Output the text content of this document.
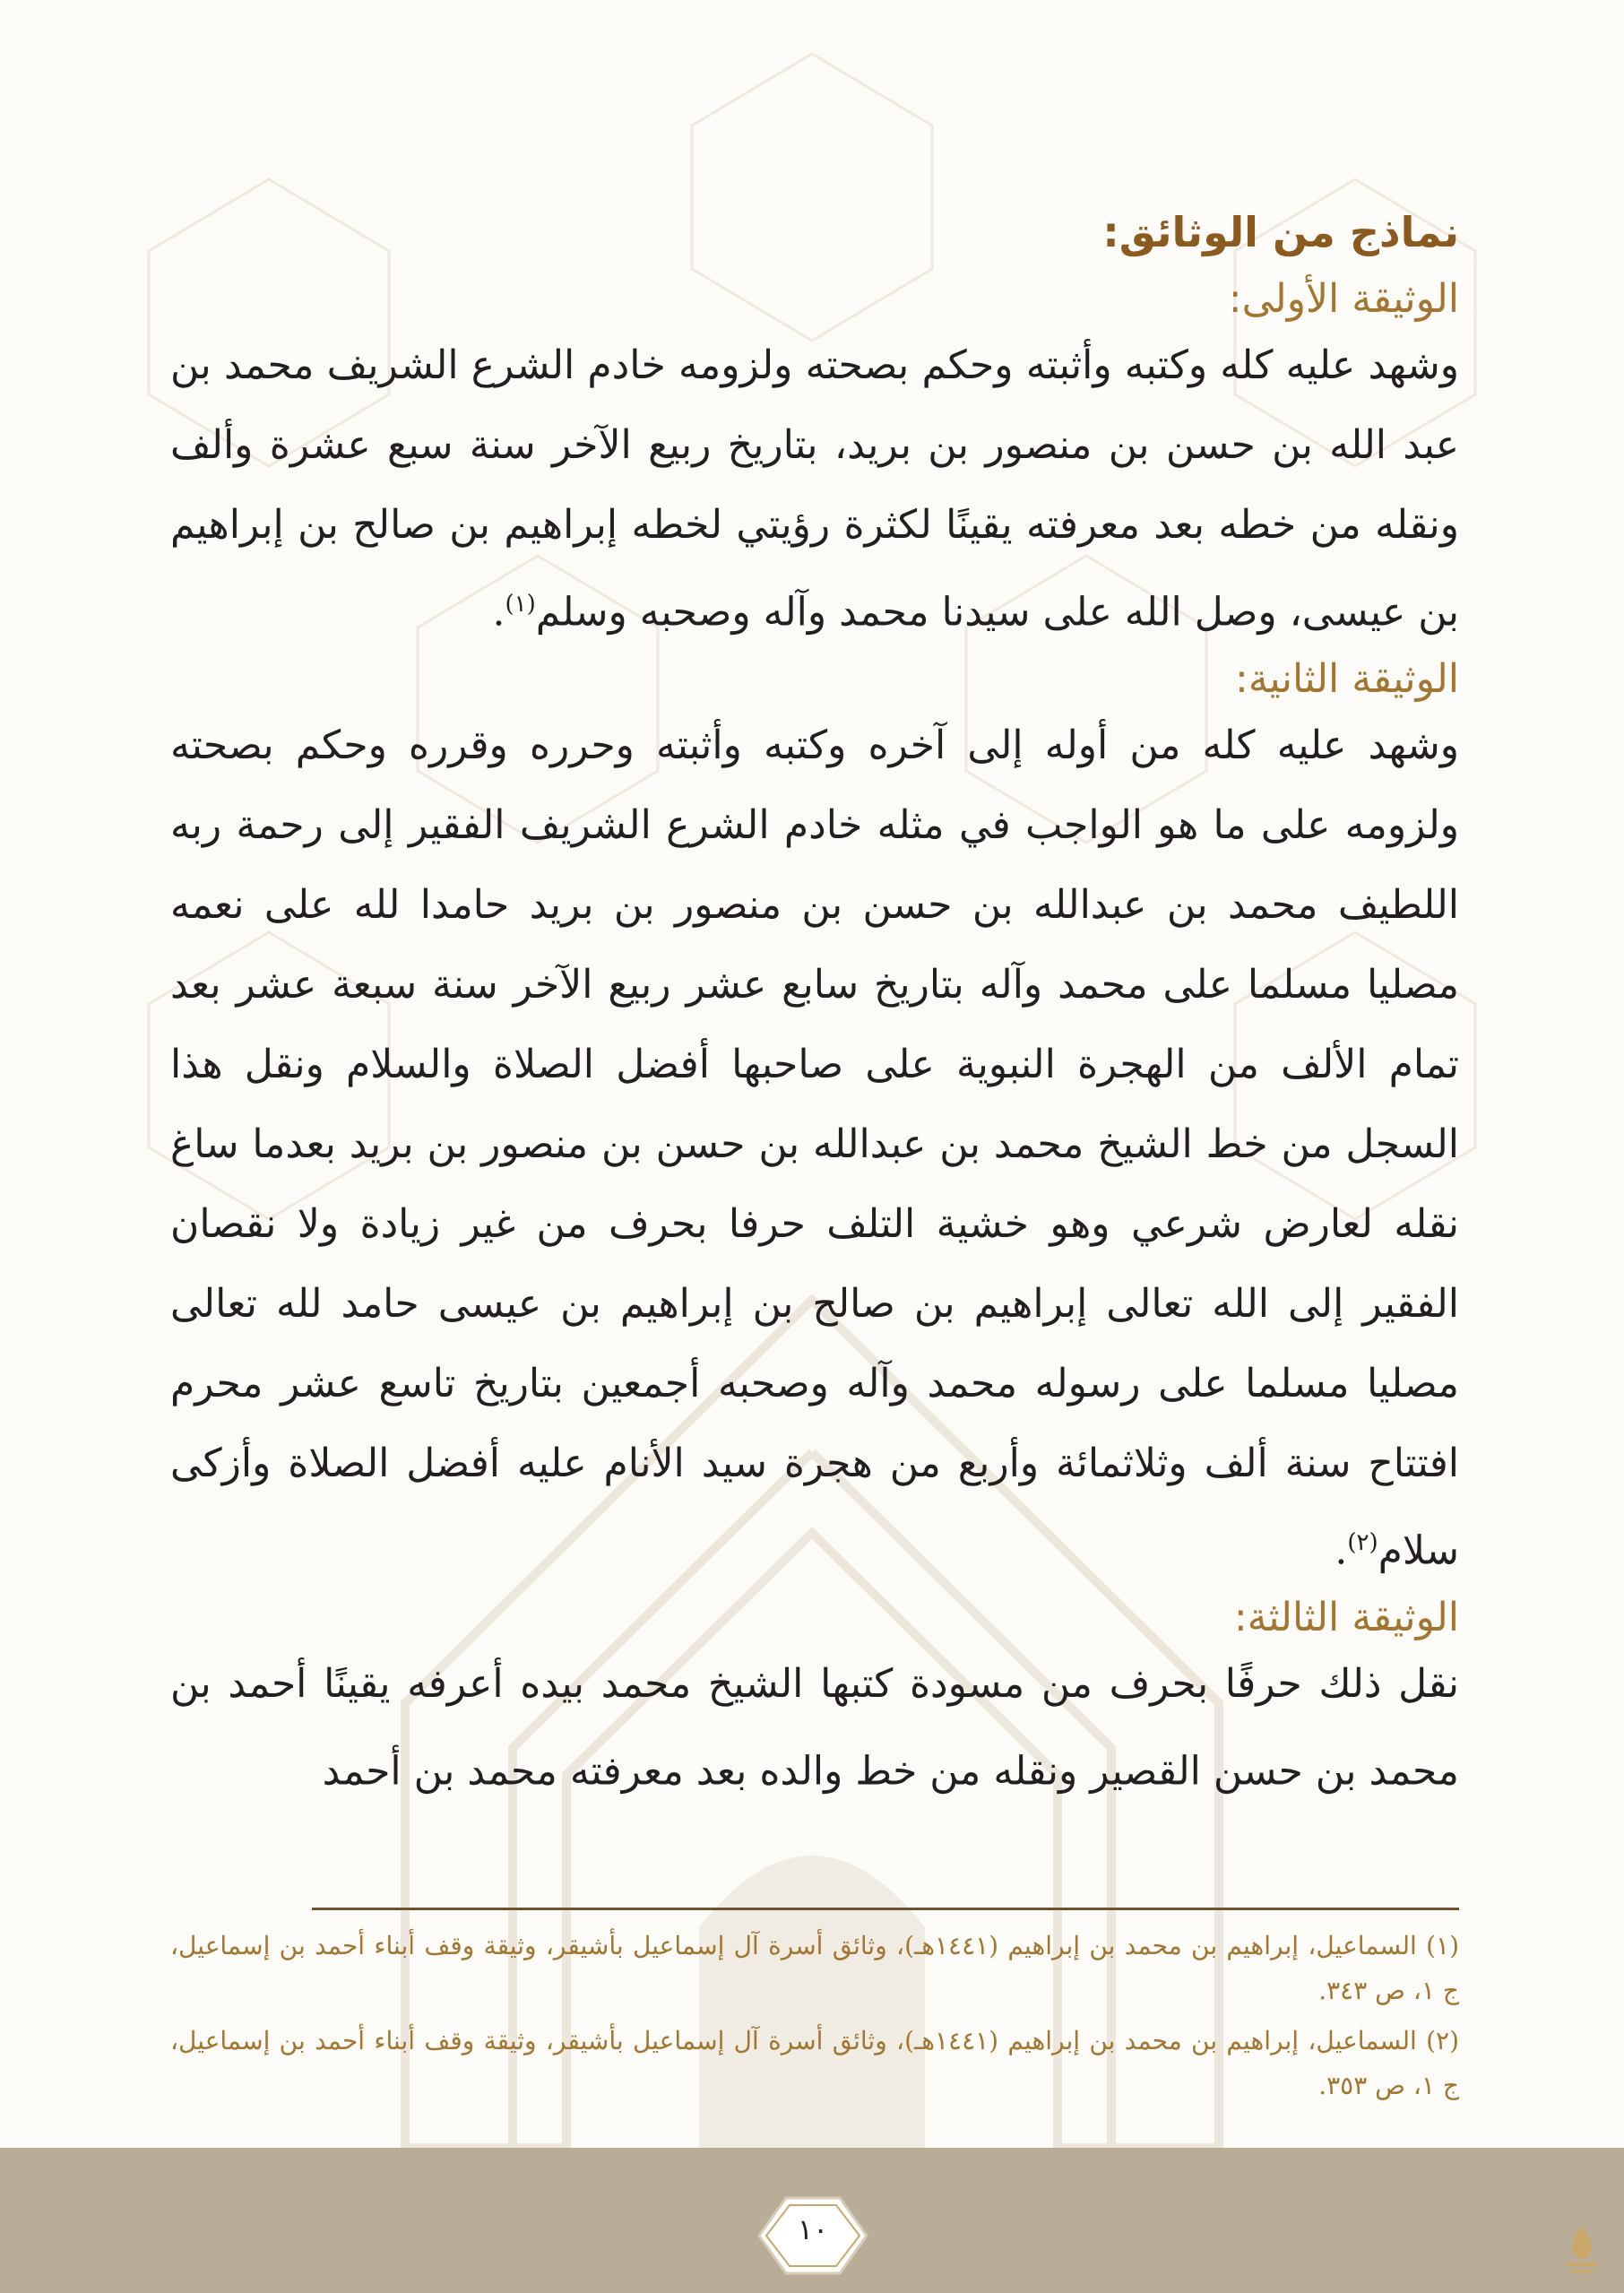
نماذج من الوثائق:
الوثيقة الأولى:

وشهد عليه كله وكتبه وأثبته وحكم بصحته ولزومه خادم الشرع الشريف محمد بن عبد الله بن حسن بن منصور بن بريد، بتاريخ ربيع الآخر سنة سبع عشرة وألف ونقله من خطه بعد معرفته يقينًا لكثرة رؤيتي لخطه إبراهيم بن صالح بن إبراهيم بن عيسى، وصل الله على سيدنا محمد وآله وصحبه وسلم$^{(١)}$.

الوثيقة الثانية:

وشهد عليه كله من أوله إلى آخره وكتبه وأثبته وحرره وقرره وحكم بصحته ولزومه على ما هو الواجب في مثله خادم الشرع الشريف الفقير إلى رحمة ربه اللطيف محمد بن عبدالله بن حسن بن منصور بن بريد حامدا لله على نعمه مصليا مسلما على محمد وآله بتاريخ سابع عشر ربيع الآخر سنة سبعة عشر بعد تمام الألف من الهجرة النبوية على صاحبها أفضل الصلاة والسلام ونقل هذا السجل من خط الشيخ محمد بن عبدالله بن حسن بن منصور بن بريد بعدما ساغ نقله لعارض شرعي وهو خشية التلف حرفا بحرف من غير زيادة ولا نقصان الفقير إلى الله تعالى إبراهيم بن صالح بن إبراهيم بن عيسى حامد لله تعالى مصليا مسلما على رسوله محمد وآله وصحبه أجمعين بتاريخ تاسع عشر محرم افتتاح سنة ألف وثلاثمائة وأربع من هجرة سيد الأنام عليه أفضل الصلاة وأزكى سلام$^{(٢)}$.

الوثيقة الثالثة:

نقل ذلك حرفًا بحرف من مسودة كتبها الشيخ محمد بيده أعرفه يقينًا أحمد بن محمد بن حسن القصير ونقله من خط والده بعد معرفته محمد بن أحمد

(١) السماعيل، إبراهيم بن محمد بن إبراهيم (١٤٤١هـ)، وثائق أسرة آل إسماعيل بأشيقر، وثيقة وقف أبناء أحمد بن إسماعيل، ج ١، ص ٣٤٣.

(٢) السماعيل، إبراهيم بن محمد بن إبراهيم (١٤٤١هـ)، وثائق أسرة آل إسماعيل بأشيقر، وثيقة وقف أبناء أحمد بن إسماعيل، ج ١، ص ٣٥٣.

١٠
